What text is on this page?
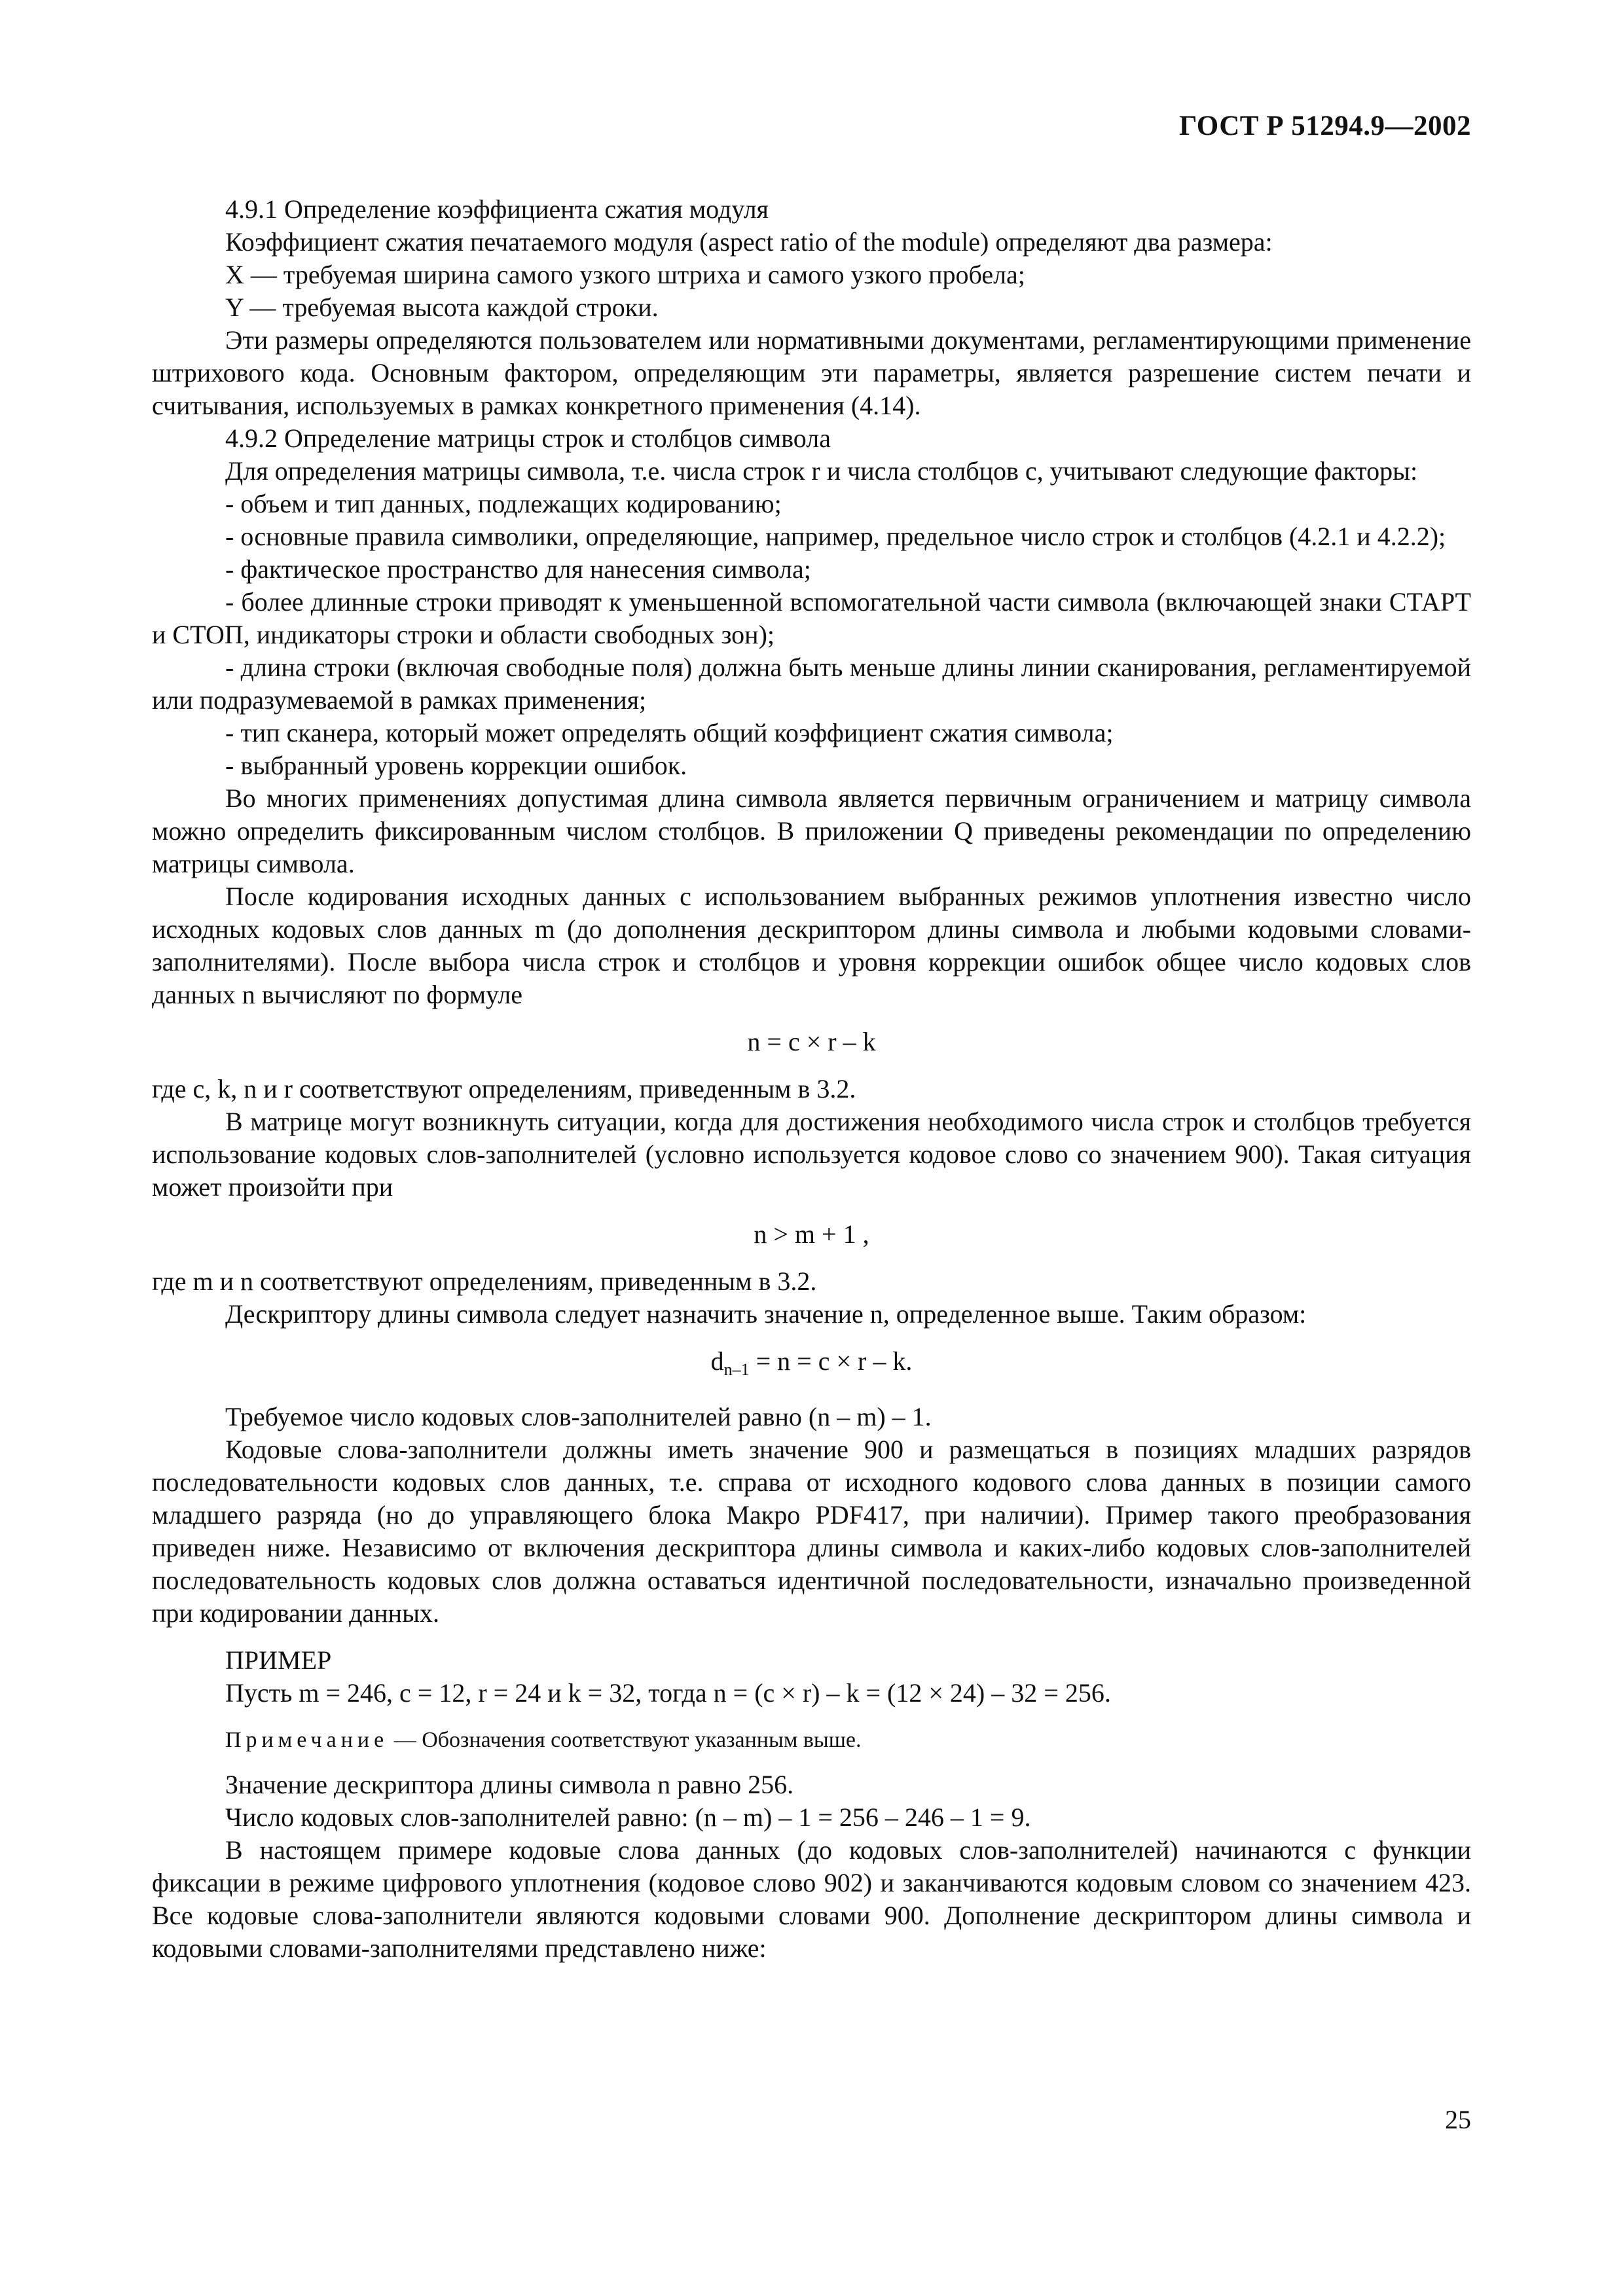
ГОСТ Р 51294.9—2002

4.9.1 Определение коэффициента сжатия модуля

Коэффициент сжатия печатаемого модуля (aspect ratio of the module) определяют два размера:

X — требуемая ширина самого узкого штриха и самого узкого пробела;

Y — требуемая высота каждой строки.

Эти размеры определяются пользователем или нормативными документами, регламентирующими применение штрихового кода. Основным фактором, определяющим эти параметры, является разрешение систем печати и считывания, используемых в рамках конкретного применения (4.14).

4.9.2 Определение матрицы строк и столбцов символа

Для определения матрицы символа, т.е. числа строк r и числа столбцов с, учитывают следующие факторы:

- объем и тип данных, подлежащих кодированию;

- основные правила символики, определяющие, например, предельное число строк и столбцов (4.2.1 и 4.2.2);

- фактическое пространство для нанесения символа;

- более длинные строки приводят к уменьшенной вспомогательной части символа (включающей знаки СТАРТ и СТОП, индикаторы строки и области свободных зон);

- длина строки (включая свободные поля) должна быть меньше длины линии сканирования, регламентируемой или подразумеваемой в рамках применения;

- тип сканера, который может определять общий коэффициент сжатия символа;

- выбранный уровень коррекции ошибок.

Во многих применениях допустимая длина символа является первичным ограничением и матрицу символа можно определить фиксированным числом столбцов. В приложении Q приведены рекомендации по определению матрицы символа.

После кодирования исходных данных с использованием выбранных режимов уплотнения известно число исходных кодовых слов данных m (до дополнения дескриптором длины символа и любыми кодовыми словами-заполнителями). После выбора числа строк и столбцов и уровня коррекции ошибок общее число кодовых слов данных n вычисляют по формуле

n = c × r – k

где c, k, n и r соответствуют определениям, приведенным в 3.2.

В матрице могут возникнуть ситуации, когда для достижения необходимого числа строк и столбцов требуется использование кодовых слов-заполнителей (условно используется кодовое слово со значением 900). Такая ситуация может произойти при

n > m + 1 ,

где m и n соответствуют определениям, приведенным в 3.2.

Дескриптору длины символа следует назначить значение n, определенное выше. Таким образом:

$d_{n-1} = n = c \times r - k$.

Требуемое число кодовых слов-заполнителей равно (n – m) – 1.

Кодовые слова-заполнители должны иметь значение 900 и размещаться в позициях младших разрядов последовательности кодовых слов данных, т.е. справа от исходного кодового слова данных в позиции самого младшего разряда (но до управляющего блока Макро PDF417, при наличии). Пример такого преобразования приведен ниже. Независимо от включения дескриптора длины символа и каких-либо кодовых слов-заполнителей последовательность кодовых слов должна оставаться идентичной последовательности, изначально произведенной при кодировании данных.

ПРИМЕР

Пусть m = 246, c = 12, r = 24 и k = 32, тогда n = (c × r) – k = (12 × 24) – 32 = 256.

Примечание — Обозначения соответствуют указанным выше.

Значение дескриптора длины символа n равно 256.

Число кодовых слов-заполнителей равно: (n – m) – 1 = 256 – 246 – 1 = 9.

В настоящем примере кодовые слова данных (до кодовых слов-заполнителей) начинаются с функции фиксации в режиме цифрового уплотнения (кодовое слово 902) и заканчиваются кодовым словом со значением 423. Все кодовые слова-заполнители являются кодовыми словами 900. Дополнение дескриптором длины символа и кодовыми словами-заполнителями представлено ниже:

25
